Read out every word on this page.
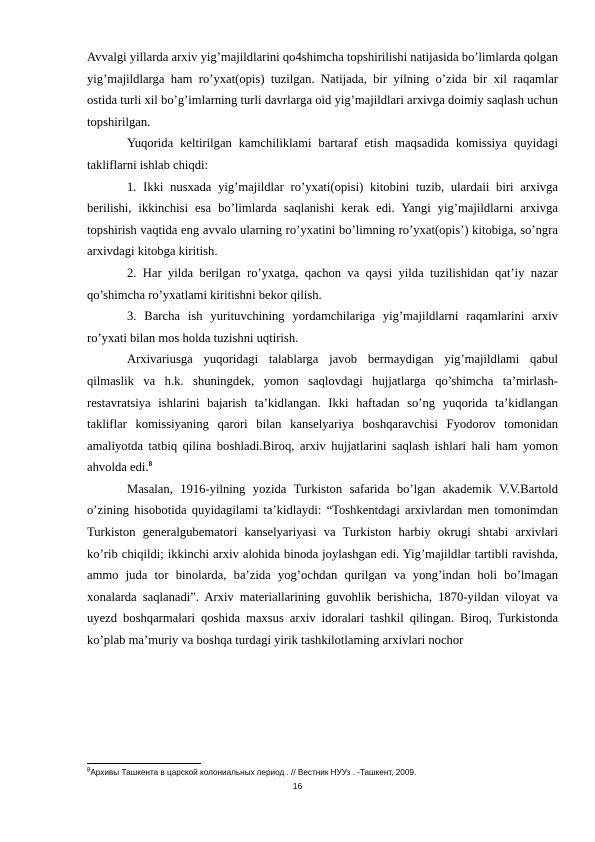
Avvalgi yillarda arxiv yig’majildlarini qo4shimcha topshirilishi natijasida bo’limlarda qolgan yig’majildlarga ham ro’yxat(opis) tuzilgan. Natijada, bir yilning o’zida bir xil raqamlar ostida turli xil bo’g’imlarning turli davrlarga oid yig’majildlari arxivga doimiy saqlash uchun topshirilgan.

Yuqorida keltirilgan kamchiliklami bartaraf etish maqsadida komissiya quyidagi takliflarni ishlab chiqdi:

1. Ikki nusxada yig’majildlar ro’yxati(opisi) kitobini tuzib, ulardaii biri arxivga berilishi, ikkinchisi esa bo’limlarda saqlanishi kerak edi. Yangi yig’majildlarni arxivga topshirish vaqtida eng avvalo ularning ro’yxatini bo’limning ro’yxat(opis’) kitobiga, so’ngra arxivdagi kitobga kiritish.

2. Har yilda berilgan ro’yxatga, qachon va qaysi yilda tuzilishidan qat’iy nazar qo’shimcha ro’yxatlami kiritishni bekor qilish.

3. Barcha ish yurituvchining yordamchilariga yig’majildlarni raqamlarini arxiv ro’yxati bilan mos holda tuzishni uqtirish.

Arxivariusga yuqoridagi talablarga javob bermaydigan yig’majildlami qabul qilmaslik va h.k. shuningdek, yomon saqlovdagi hujjatlarga qo’shimcha ta’mirlash-restavratsiya ishlarini bajarish ta’kidlangan. Ikki haftadan so’ng yuqorida ta’kidlangan takliflar komissiyaning qarori bilan kanselyariya boshqaravchisi Fyodorov tomonidan amaliyotda tatbiq qilina boshladi.Biroq, arxiv hujjatlarini saqlash ishlari hali ham yomon ahvolda edi.$^8$

Masalan, 1916-yilning yozida Turkiston safarida bo’lgan akademik V.V.Bartold o’zining hisobotida quyidagilami ta’kidlaydi: “Toshkentdagi arxivlardan men tomonimdan Turkiston generalgubematori kanselyariyasi va Turkiston harbiy okrugi shtabi arxivlari ko’rib chiqildi; ikkinchi arxiv alohida binoda joylashgan edi. Yig’majildlar tartibli ravishda, ammo juda tor binolarda, ba’zida yog’ochdan qurilgan va yong’indan holi bo’lmagan xonalarda saqlanadi”. Arxiv materiallarining guvohlik berishicha, 1870-yildan viloyat va uyezd boshqarmalari qoshida maxsus arxiv idoralari tashkil qilingan. Biroq, Turkistonda ko’plab ma’muriy va boshqa turdagi yirik tashkilotlaming arxivlari nochor

$^8$Архивы Ташкента в царской колониальных период . // Вестник НУУз . -Ташкент, 2009.
16
